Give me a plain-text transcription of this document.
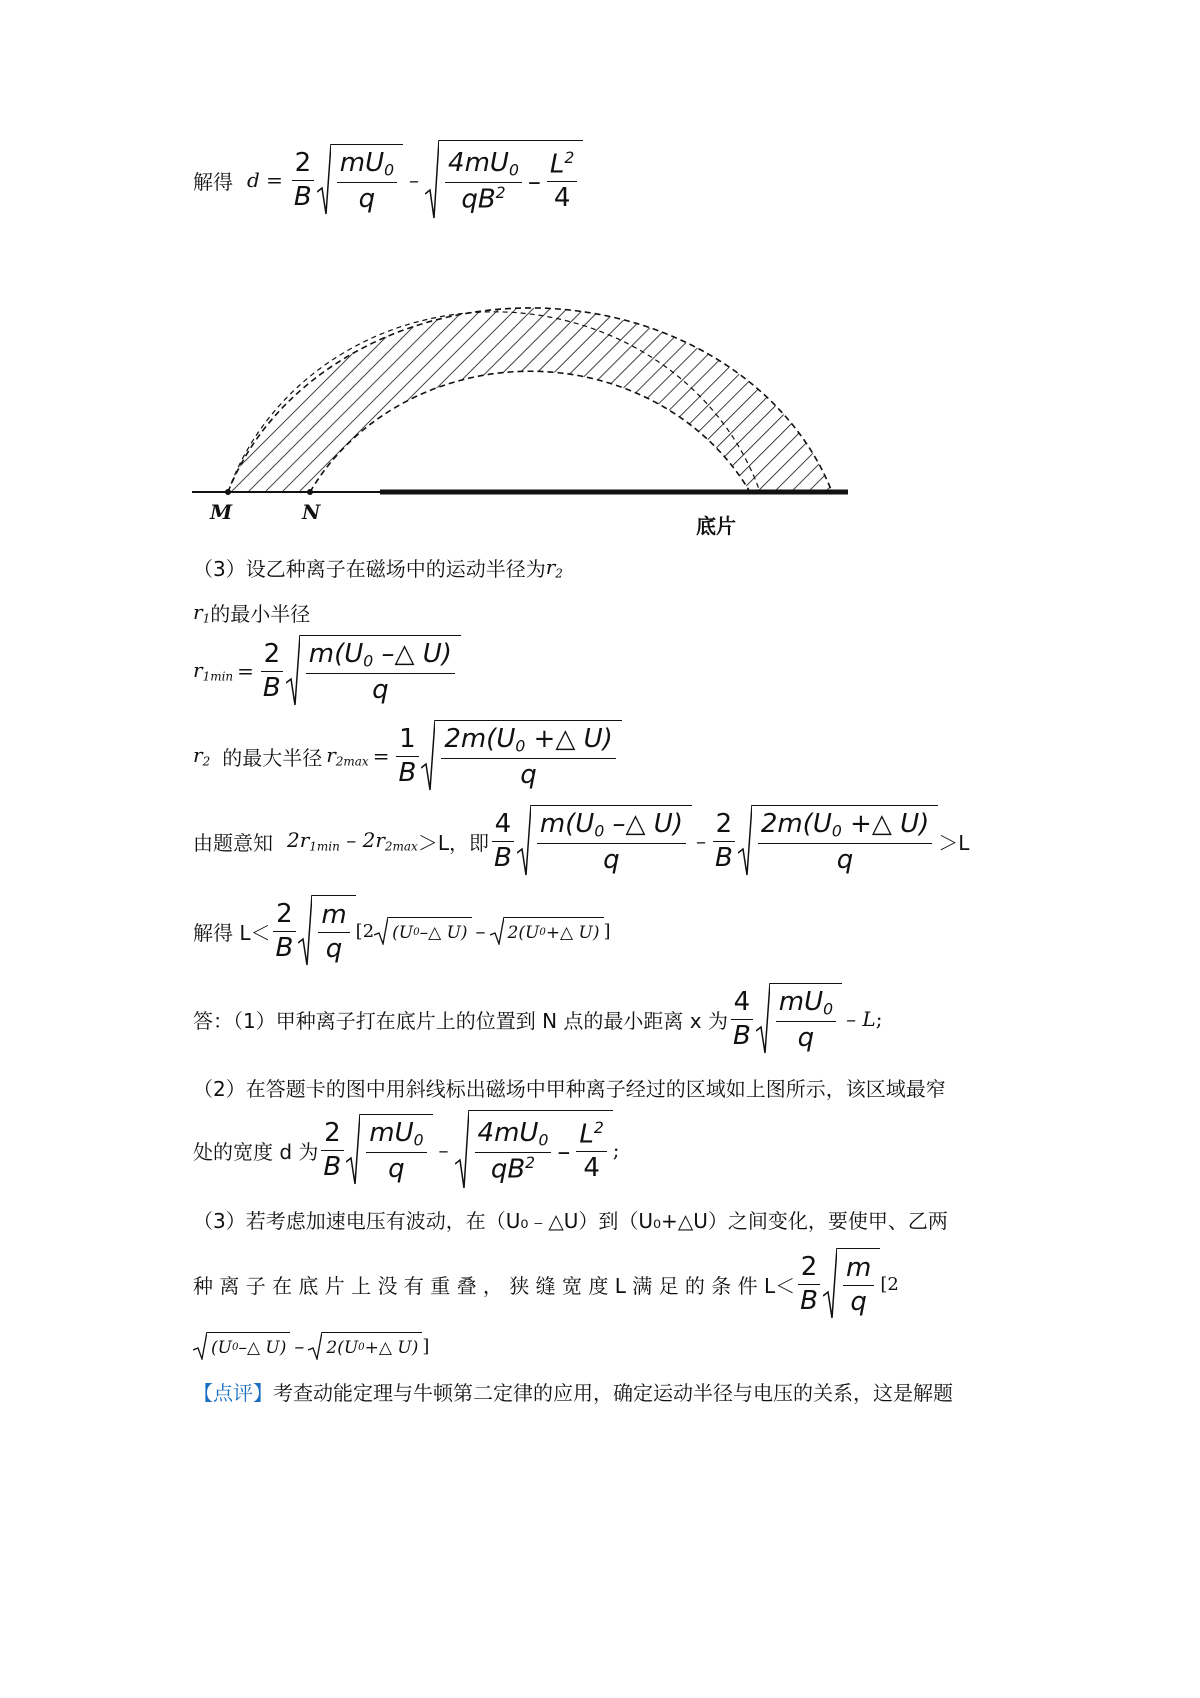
解得 $d = \frac{2}{B} \frac{mU_0}{q} - \frac{4mU_0}{qB^2} - \frac{L^2}{4}$
M	N
底片
（3）设乙种离子在磁场中的运动半径为 $r_2$
$r_1$ 的最小半径
$r_{1min} = \frac{2}{B} \frac{m(U_0 -\triangle U)}{q}$
$r_2$ 的最大半径 $r_{2max} = \frac{1}{B} \frac{2m(U_0 +\triangle U)}{q}$
由题意知 $2r_{1min} - 2r_{2max} >L$，即 $\frac{4}{B} \frac{m(U_0 -\triangle U)}{q} - \frac{2}{B} \frac{2m(U_0 +\triangle U)}{q} >L$
解得 $L< \frac{2}{B} \frac{m}{q} [2$ (U 0 –△ U) – 2(U 0 +△ U) ]
答：（1）甲种离子打在底片上的位置到 N 点的最小距离 x 为 $\frac{4}{B} \frac{mU_0}{q}$ – L ;
（2）在答题卡的图中用斜线标出磁场中甲种离子经过的区域如上图所示，该区域最窄
处的宽度 d 为 $\frac{2}{B} \frac{mU_0}{q} - \frac{4mU_0}{qB^2} - \frac{L^2}{4}$ ;
（3）若考虑加速电压有波动，在（U₀﹣△U）到（U₀+△U）之间变化，要使甲、乙两
种 离 子 在 底 片 上 没 有 重 叠 ， 狭 缝 宽 度 L 满 足 的 条 件 $L< \frac{2}{B} \frac{m}{q} [2$
(U 0 –△ U) – 2(U 0 +△ U) ]
【点评】 考查动能定理与牛顿第二定律的应用，确定运动半径与电压的关系，这是解题
